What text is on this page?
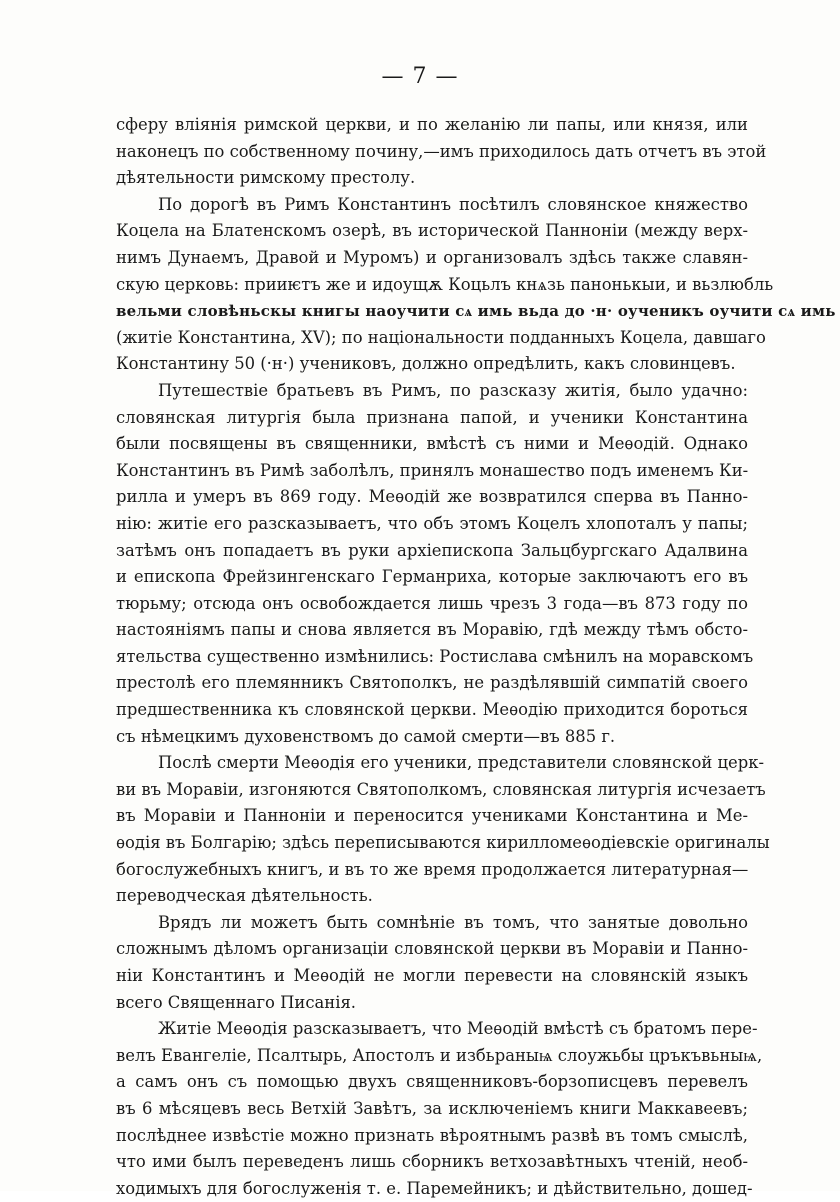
— 7 —
сферу вліянія римской церкви, и по желанію ли папы, или князя, или
наконецъ по собственному почину,—имъ приходилось дать отчетъ въ этой
дѣятельности римскому престолу.
По дорогѣ въ Римъ Константинъ посѣтилъ словянское княжество
Коцела на Блатенскомъ озерѣ, въ исторической Панноніи (между верх-
нимъ Дунаемъ, Дравой и Муромъ) и организовалъ здѣсь также славян-
скую церковь: прииѥтъ же и идоущѫ Коцьлъ кнѧзь панонькыи, и вьзлюбль
вельми словѣньскы книгы наоучити сѧ имь вьда до ·н· оученикъ оучити сѧ имь
(житіе Константина, XV); по національности подданныхъ Коцела, давшаго
Константину 50 (·н·) учениковъ, должно опредѣлить, какъ словинцевъ.
Путешествіе братьевъ въ Римъ, по разсказу житія, было удачно:
словянская литургія была признана папой, и ученики Константина
были посвящены въ священники, вмѣстѣ съ ними и Меѳодій. Однако
Константинъ въ Римѣ заболѣлъ, принялъ монашество подъ именемъ Ки-
рилла и умеръ въ 869 году. Меѳодій же возвратился сперва въ Панно-
нію: житіе его разсказываетъ, что объ этомъ Коцелъ хлопоталъ у папы;
затѣмъ онъ попадаетъ въ руки архіепископа Зальцбургскаго Адалвина
и епископа Фрейзингенскаго Германриха, которые заключаютъ его въ
тюрьму; отсюда онъ освобождается лишь чрезъ 3 года—въ 873 году по
настояніямъ папы и снова является въ Моравію, гдѣ между тѣмъ обсто-
ятельства существенно измѣнились: Ростислава смѣнилъ на моравскомъ
престолѣ его племянникъ Святополкъ, не раздѣлявшій симпатій своего
предшественника къ словянской церкви. Меѳодію приходится бороться
съ нѣмецкимъ духовенствомъ до самой смерти—въ 885 г.
Послѣ смерти Меѳодія его ученики, представители словянской церк-
ви въ Моравіи, изгоняются Святополкомъ, словянская литургія исчезаетъ
въ Моравіи и Панноніи и переносится учениками Константина и Ме-
ѳодія въ Болгарію; здѣсь переписываются кирилломеѳодіевскіе оригиналы
богослужебныхъ книгъ, и въ то же время продолжается литературная—
переводческая дѣятельность.
Врядъ ли можетъ быть сомнѣніе въ томъ, что занятые довольно
сложнымъ дѣломъ организаціи словянской церкви въ Моравіи и Панно-
ніи Константинъ и Меѳодій не могли перевести на словянскій языкъ
всего Священнаго Писанія.
Житіе Меѳодія разсказываетъ, что Меѳодій вмѣстѣ съ братомъ пере-
велъ Евангеліе, Псалтырь, Апостолъ и избьраныѩ слоужьбы цръкъвьныѩ,
а самъ онъ съ помощью двухъ священниковъ-борзописцевъ перевелъ
въ 6 мѣсяцевъ весь Ветхій Завѣтъ, за исключеніемъ книги Маккавеевъ;
послѣднее извѣстіе можно признать вѣроятнымъ развѣ въ томъ смыслѣ,
что ими былъ переведенъ лишь сборникъ ветхозавѣтныхъ чтеній, необ-
ходимыхъ для богослуженія т. е. Паремейникъ; и дѣйствительно, дошед-
